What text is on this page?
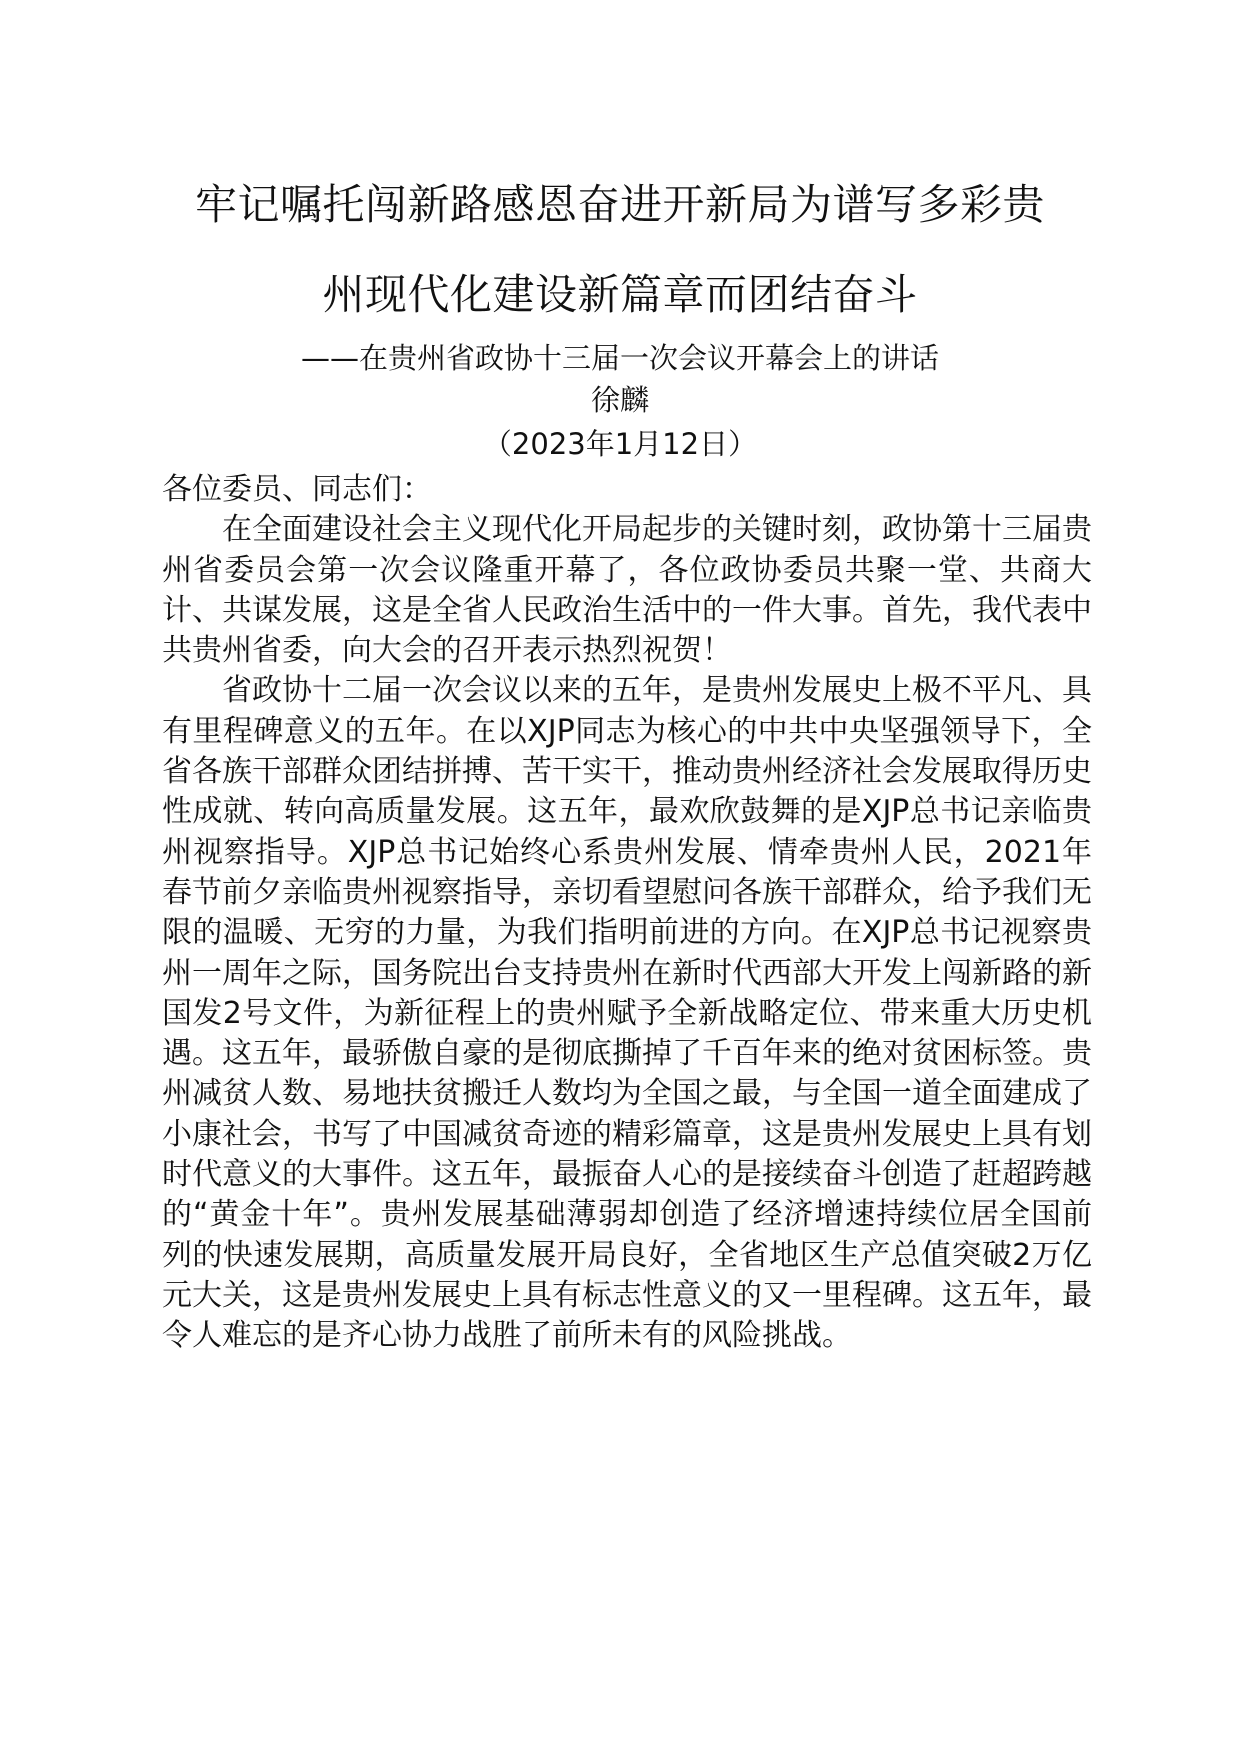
牢记嘱托闯新路感恩奋进开新局为谱写多彩贵
州现代化建设新篇章而团结奋斗
——在贵州省政协十三届一次会议开幕会上的讲话
徐麟
（2023年1月12日）

各位委员、同志们：

在全面建设社会主义现代化开局起步的关键时刻，政协第十三届贵州省委员会第一次会议隆重开幕了，各位政协委员共聚一堂、共商大计、共谋发展，这是全省人民政治生活中的一件大事。首先，我代表中共贵州省委，向大会的召开表示热烈祝贺！

省政协十二届一次会议以来的五年，是贵州发展史上极不平凡、具有里程碑意义的五年。在以XJP同志为核心的中共中央坚强领导下，全省各族干部群众团结拼搏、苦干实干，推动贵州经济社会发展取得历史性成就、转向高质量发展。这五年，最欢欣鼓舞的是XJP总书记亲临贵州视察指导。XJP总书记始终心系贵州发展、情牵贵州人民，2021年春节前夕亲临贵州视察指导，亲切看望慰问各族干部群众，给予我们无限的温暖、无穷的力量，为我们指明前进的方向。在XJP总书记视察贵州一周年之际，国务院出台支持贵州在新时代西部大开发上闯新路的新国发2号文件，为新征程上的贵州赋予全新战略定位、带来重大历史机遇。这五年，最骄傲自豪的是彻底撕掉了千百年来的绝对贫困标签。贵州减贫人数、易地扶贫搬迁人数均为全国之最，与全国一道全面建成了小康社会，书写了中国减贫奇迹的精彩篇章，这是贵州发展史上具有划时代意义的大事件。这五年，最振奋人心的是接续奋斗创造了赶超跨越的“黄金十年”。贵州发展基础薄弱却创造了经济增速持续位居全国前列的快速发展期，高质量发展开局良好，全省地区生产总值突破2万亿元大关，这是贵州发展史上具有标志性意义的又一里程碑。这五年，最令人难忘的是齐心协力战胜了前所未有的风险挑战。
